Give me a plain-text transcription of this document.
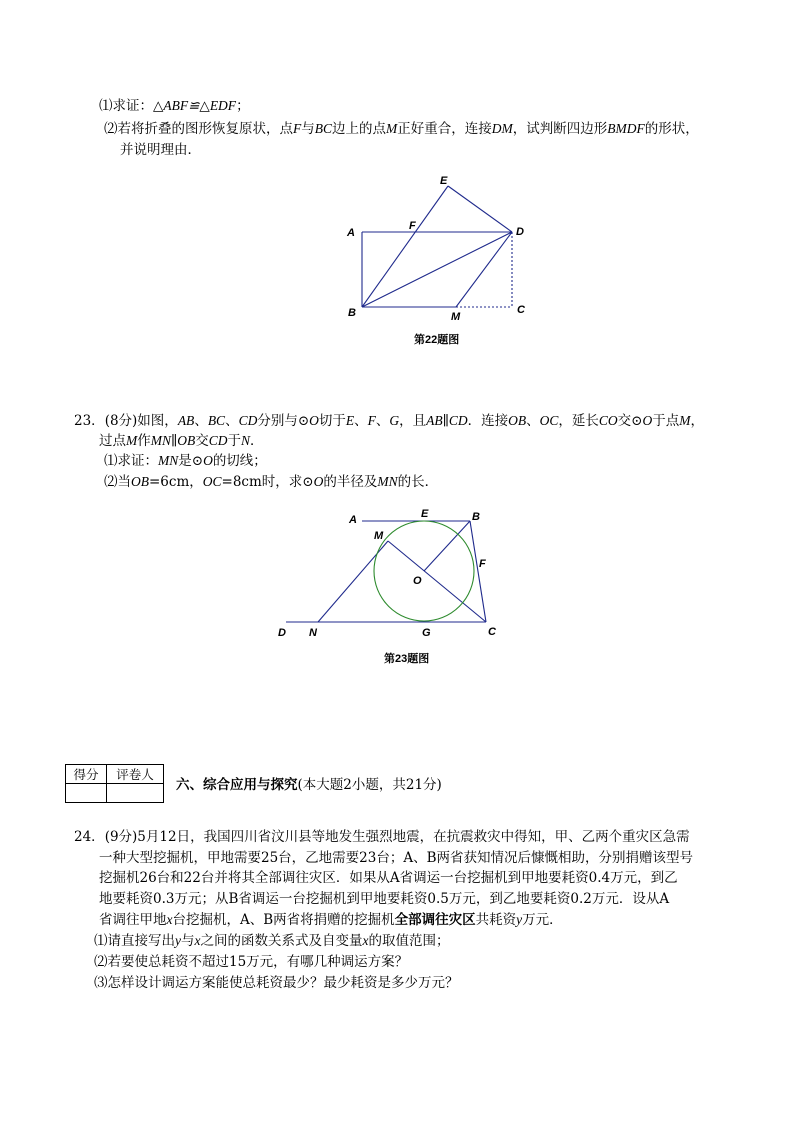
⑴求证：△ABF≌△EDF；
⑵若将折叠的图形恢复原状，点F与BC边上的点M正好重合，连接DM，试判断四边形BMDF的形状，
并说明理由．
E
F
A	D
B	M
C
第22题图
23．(8分)如图，AB、BC、CD分别与⊙O切于E、F、G，且AB∥CD．连接OB、OC，延长CO交⊙O于点M，
过点M作MN∥OB交CD于N．
⑴求证：MN是⊙O的切线；
⑵当OB=6cm，OC=8cm时，求⊙O的半径及MN的长．
A	E	B
M
F
O
D N	G	C
第23题图
得分	评卷人

六、综合应用与探究(本大题2小题，共21分)
24．(9分)5月12日，我国四川省汶川县等地发生强烈地震，在抗震救灾中得知，甲、乙两个重灾区急需
一种大型挖掘机，甲地需要25台，乙地需要23台；A、B两省获知情况后慷慨相助，分别捐赠该型号
挖掘机26台和22台并将其全部调往灾区．如果从A省调运一台挖掘机到甲地要耗资0.4万元，到乙
地要耗资0.3万元；从B省调运一台挖掘机到甲地要耗资0.5万元，到乙地要耗资0.2万元．设从A
省调往甲地x台挖掘机，A、B两省将捐赠的挖掘机全部调往灾区共耗资y万元．
⑴请直接写出y与x之间的函数关系式及自变量x的取值范围；
⑵若要使总耗资不超过15万元，有哪几种调运方案？
⑶怎样设计调运方案能使总耗资最少？最少耗资是多少万元？
